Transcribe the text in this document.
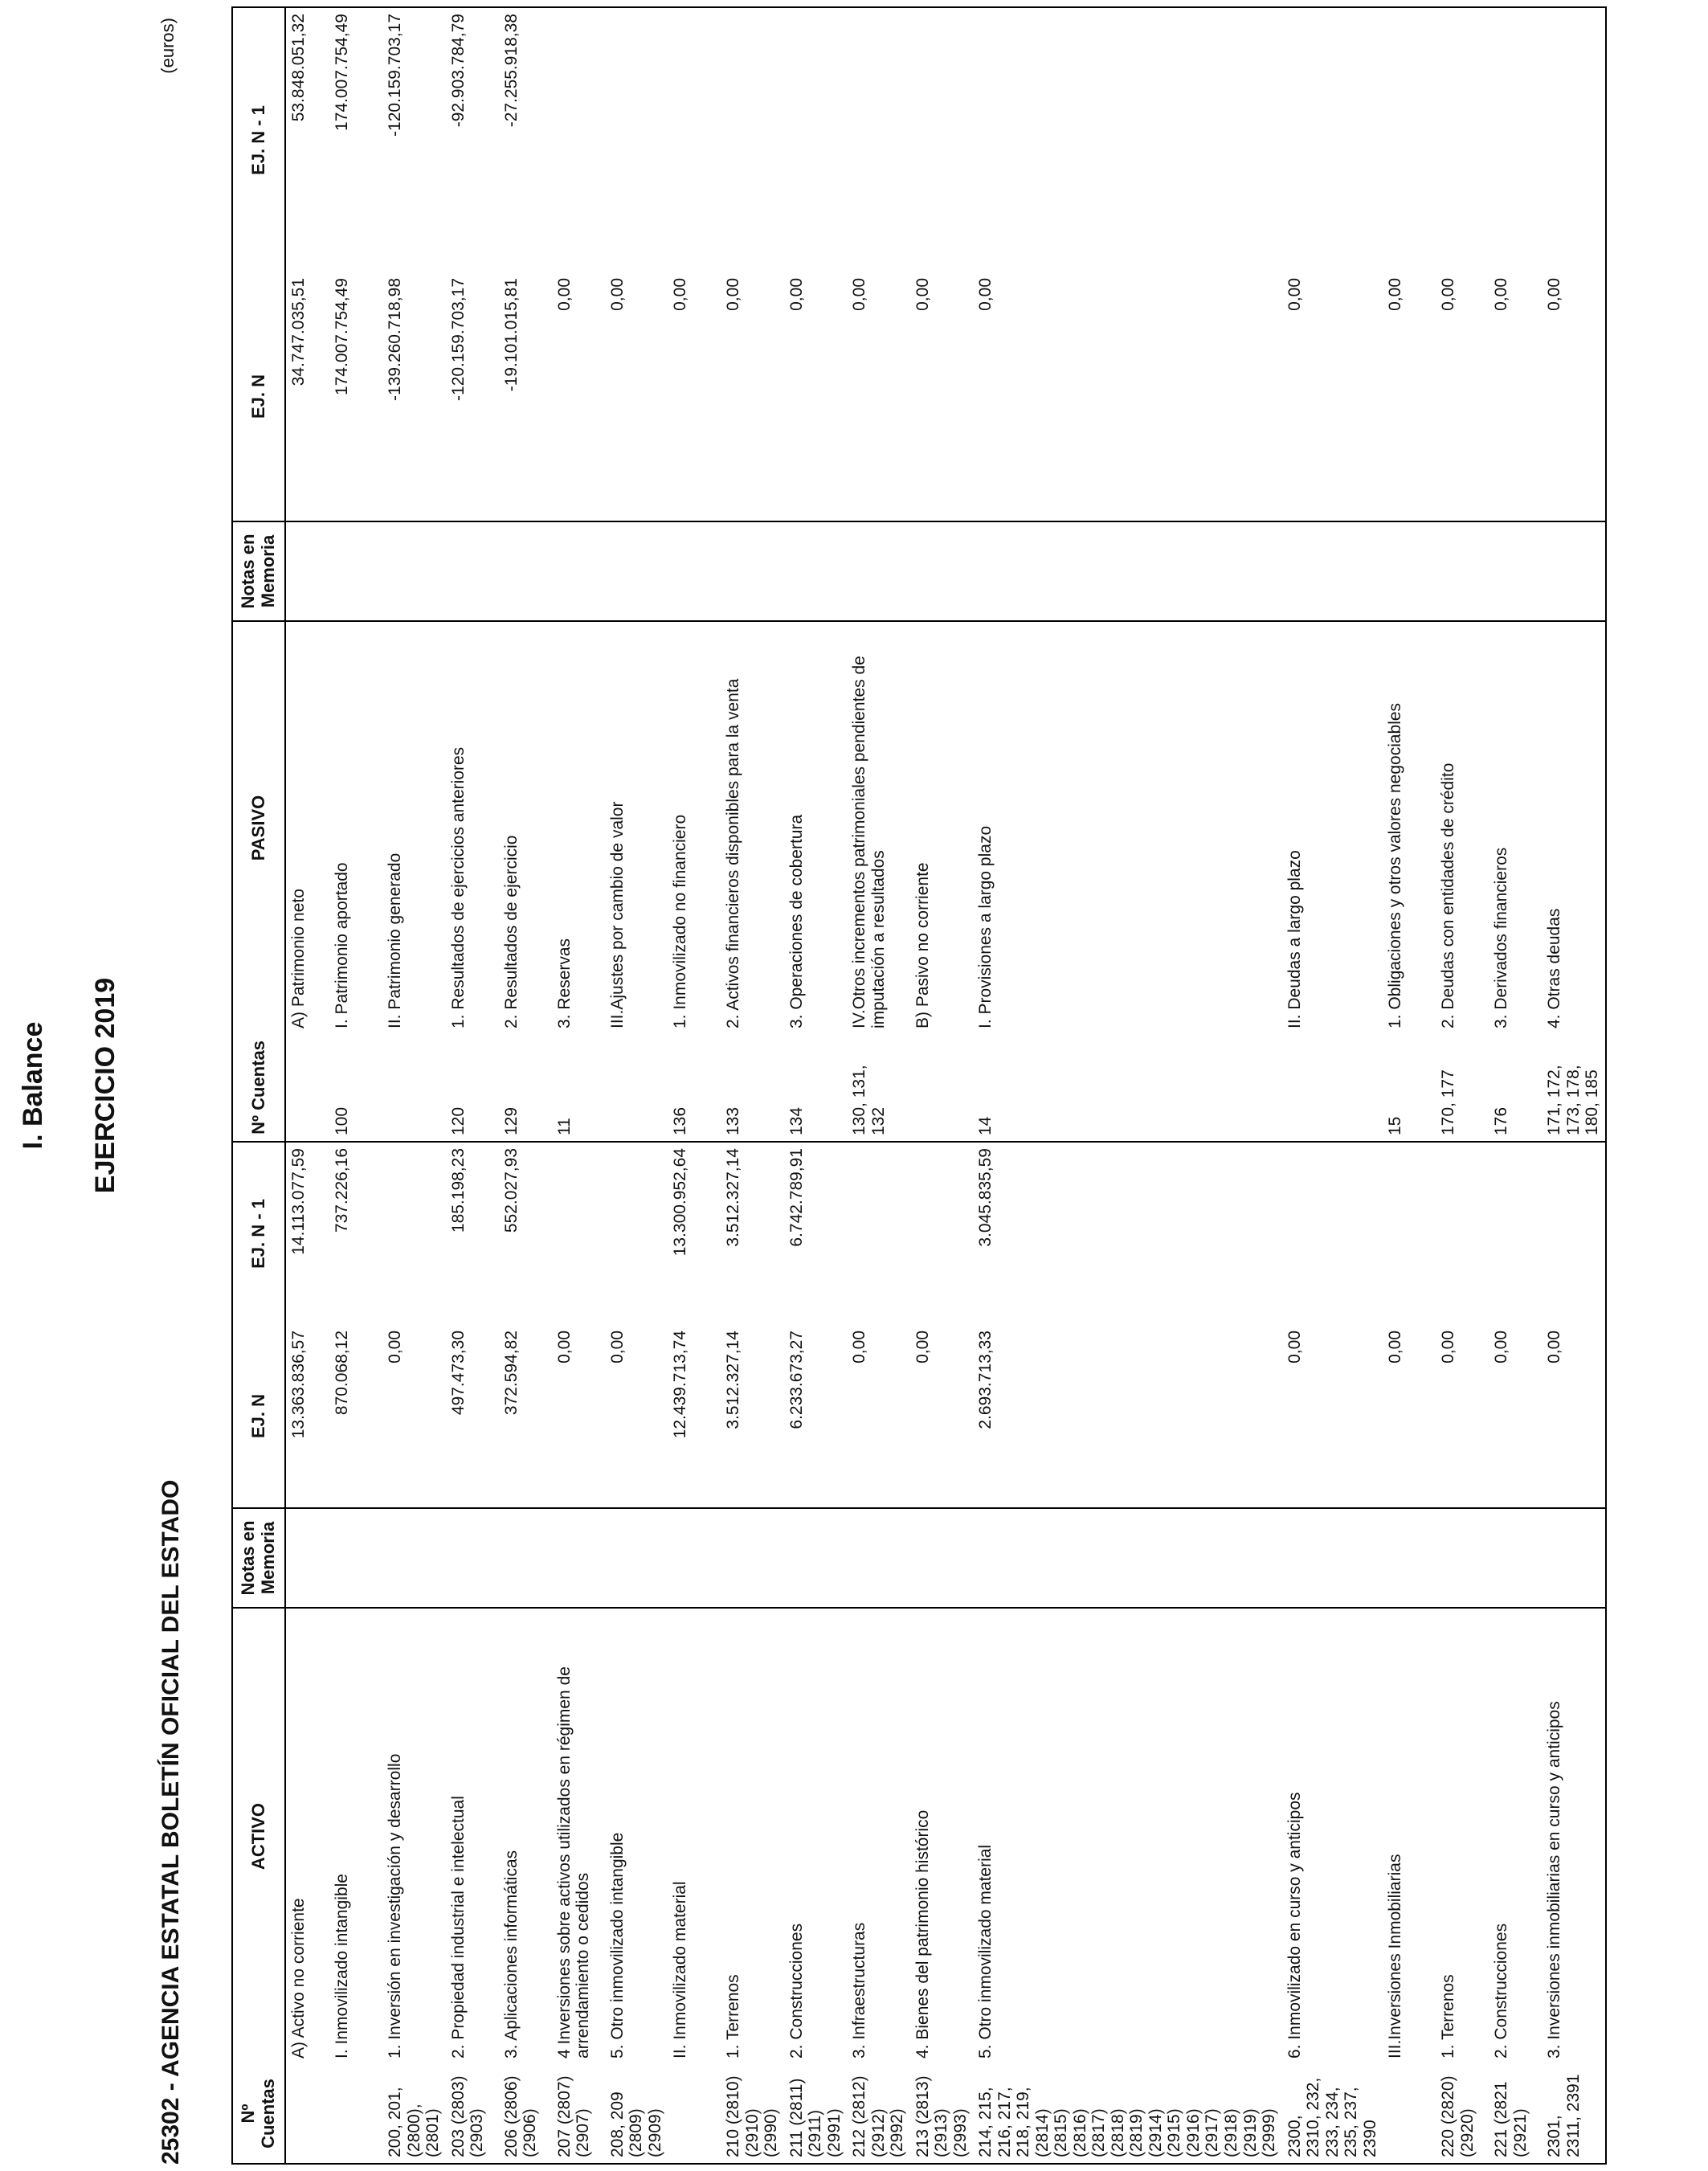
I. Balance EJERCICIO 2019
25302 - AGENCIA ESTATAL BOLETÍN OFICIAL DEL ESTADO
(euros)
Nº Cuentas	ACTIVO	Notas en Memoria	EJ. N	EJ. N - 1	Nº Cuentas	PASIVO	Notas en Memoria	EJ. N	EJ. N - 1
	A) Activo no corriente		13.363.836,57	14.113.077,59		A) Patrimonio neto		34.747.035,51	53.848.051,32
	I. Inmovilizado intangible		870.068,12	737.226,16	100	I. Patrimonio aportado		174.007.754,49	174.007.754,49
200, 201, (2800), (2801)	1. Inversión en investigación y desarrollo		0,00			II. Patrimonio generado		-139.260.718,98	-120.159.703,17
203 (2803) (2903)	2. Propiedad industrial e intelectual		497.473,30	185.198,23	120	1. Resultados de ejercicios anteriores		-120.159.703,17	-92.903.784,79
206 (2806) (2906)	3. Aplicaciones informáticas		372.594,82	552.027,93	129	2. Resultados de ejercicio		-19.101.015,81	-27.255.918,38
207 (2807) (2907)	4 Inversiones sobre activos utilizados en régimen de arrendamiento o cedidos		0,00		11	3. Reservas		0,00	
208, 209 (2809) (2909)	5. Otro inmovilizado intangible		0,00			III.Ajustes por cambio de valor		0,00	
	II. Inmovilizado material		12.439.713,74	13.300.952,64	136	1. Inmovilizado no financiero		0,00	
210 (2810) (2910) (2990)	1. Terrenos		3.512.327,14	3.512.327,14	133	2. Activos financieros disponibles para la venta		0,00	
211 (2811) (2911) (2991)	2. Construcciones		6.233.673,27	6.742.789,91	134	3. Operaciones de cobertura		0,00	
212 (2812) (2912) (2992)	3. Infraestructuras		0,00		130, 131, 132	IV.Otros incrementos patrimoniales pendientes de imputación a resultados		0,00	
213 (2813) (2913) (2993)	4. Bienes del patrimonio histórico		0,00			B) Pasivo no corriente		0,00	
214, 215, 216, 217, 218, 219, (2814) (2815) (2816) (2817) (2818) (2819) (2914) (2915) (2916) (2917) (2918) (2919) (2999)	5. Otro inmovilizado material		2.693.713,33	3.045.835,59	14	I. Provisiones a largo plazo		0,00	
2300, 2310, 232, 233, 234, 235, 237, 2390	6. Inmovilizado en curso y anticipos		0,00			II. Deudas a largo plazo		0,00	
	III.Inversiones Inmobiliarias		0,00		15	1. Obligaciones y otros valores negociables		0,00	
220 (2820) (2920)	1. Terrenos		0,00		170, 177	2. Deudas con entidades de crédito		0,00	
221 (2821 (2921)	2. Construcciones		0,00		176	3. Derivados financieros		0,00	
2301, 2311, 2391	3. Inversiones inmobiliarias en curso y anticipos		0,00		171, 172, 173, 178, 180, 185	4. Otras deudas		0,00	
